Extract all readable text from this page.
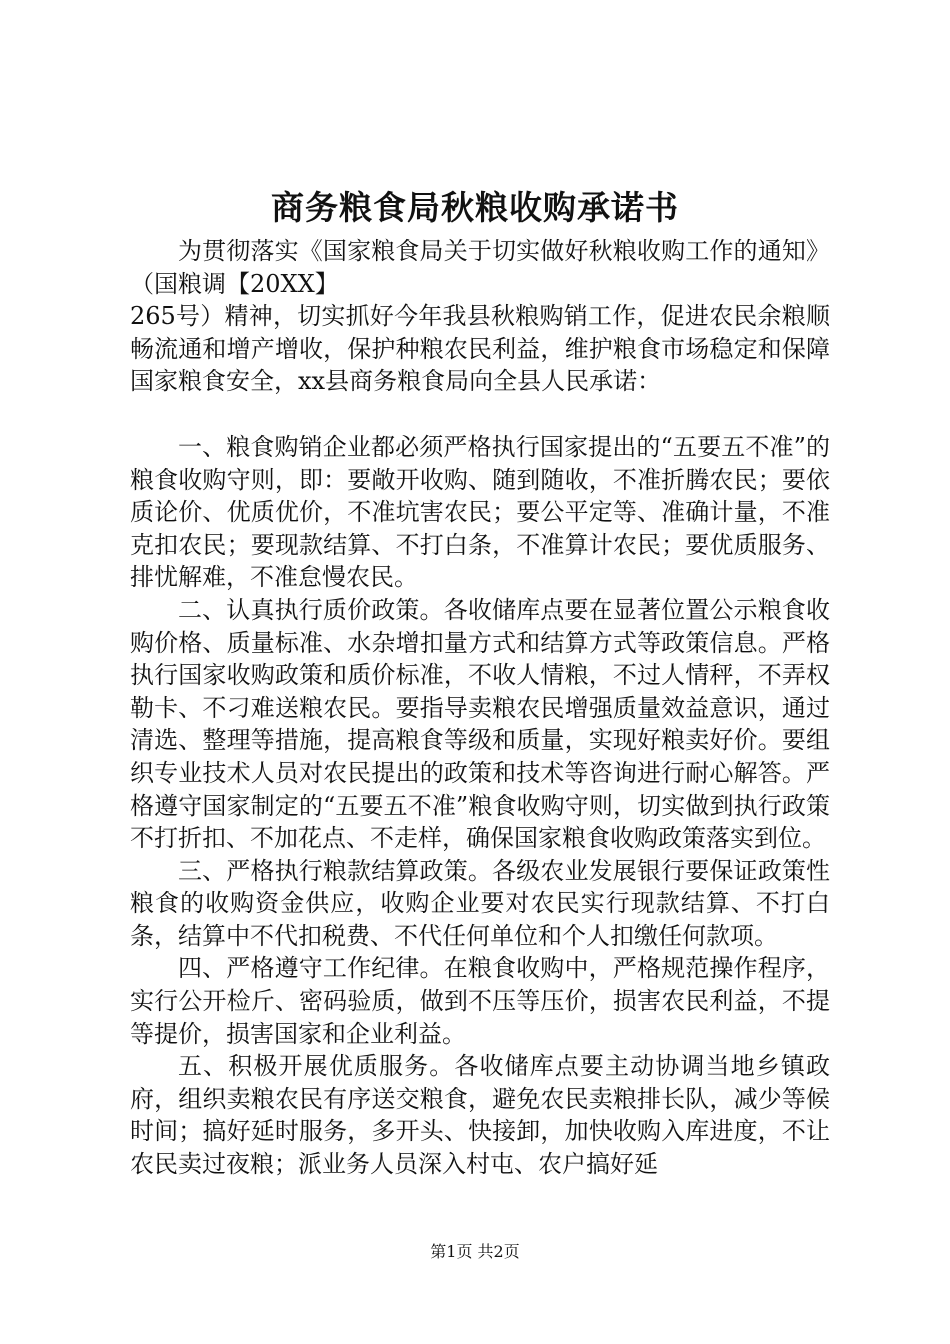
商务粮食局秋粮收购承诺书

为贯彻落实《国家粮食局关于切实做好秋粮收购工作的通知》（国粮调【20XX】

265号）精神，切实抓好今年我县秋粮购销工作，促进农民余粮顺畅流通和增产增收，保护种粮农民利益，维护粮食市场稳定和保障国家粮食安全，xx县商务粮食局向全县人民承诺：

一、粮食购销企业都必须严格执行国家提出的“五要五不准”的粮食收购守则，即：要敞开收购、随到随收，不准折腾农民；要依质论价、优质优价，不准坑害农民；要公平定等、准确计量，不准克扣农民；要现款结算、不打白条，不准算计农民；要优质服务、排忧解难，不准怠慢农民。

二、认真执行质价政策。各收储库点要在显著位置公示粮食收购价格、质量标准、水杂增扣量方式和结算方式等政策信息。严格执行国家收购政策和质价标准，不收人情粮，不过人情秤，不弄权勒卡、不刁难送粮农民。要指导卖粮农民增强质量效益意识，通过清选、整理等措施，提高粮食等级和质量，实现好粮卖好价。要组织专业技术人员对农民提出的政策和技术等咨询进行耐心解答。严格遵守国家制定的“五要五不准”粮食收购守则，切实做到执行政策不打折扣、不加花点、不走样，确保国家粮食收购政策落实到位。

三、严格执行粮款结算政策。各级农业发展银行要保证政策性粮食的收购资金供应，收购企业要对农民实行现款结算、不打白条，结算中不代扣税费、不代任何单位和个人扣缴任何款项。

四、严格遵守工作纪律。在粮食收购中，严格规范操作程序，实行公开检斤、密码验质，做到不压等压价，损害农民利益，不提等提价，损害国家和企业利益。

五、积极开展优质服务。各收储库点要主动协调当地乡镇政府，组织卖粮农民有序送交粮食，避免农民卖粮排长队，减少等候时间；搞好延时服务，多开头、快接卸，加快收购入库进度，不让农民卖过夜粮；派业务人员深入村屯、农户搞好延

第1页 共2页
